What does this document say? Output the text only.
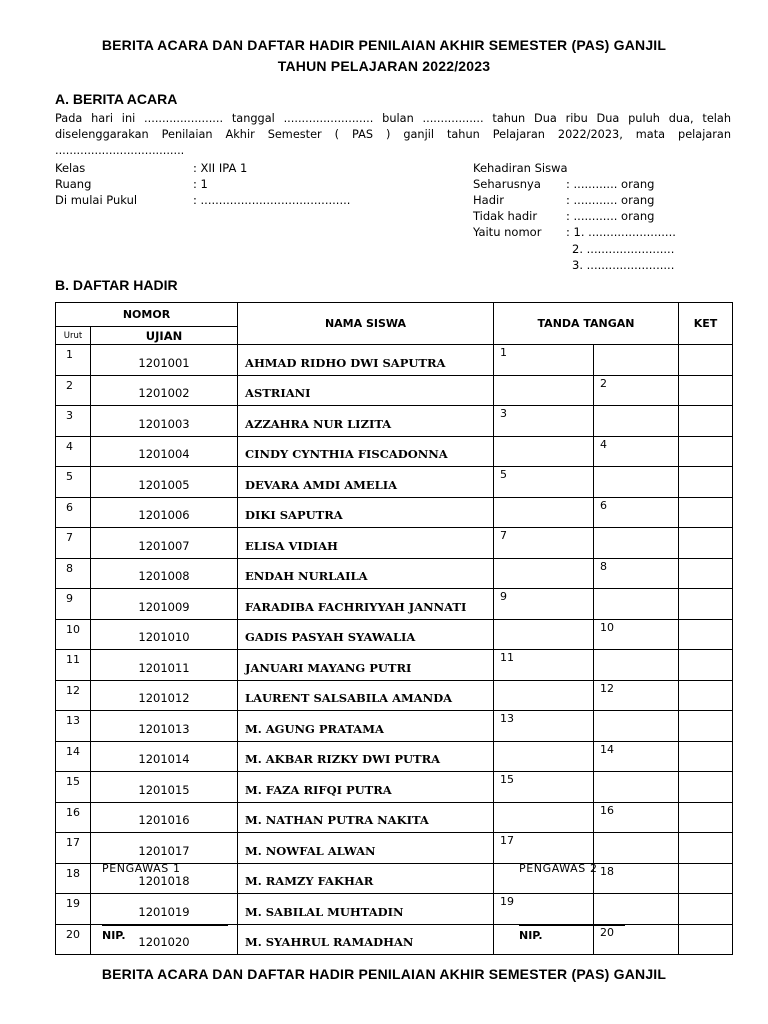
BERITA ACARA DAN DAFTAR HADIR PENILAIAN AKHIR SEMESTER (PAS) GANJIL
TAHUN PELAJARAN 2022/2023
A. BERITA ACARA
Pada hari ini ...................... tanggal ......................... bulan ................. tahun Dua ribu Dua puluh dua, telah diselenggarakan Penilaian Akhir Semester ( PAS ) ganjil tahun Pelajaran 2022/2023, mata pelajaran ....................................
Kelas	: XII IPA 1
Ruang	: 1
Di mulai Pukul	: .........................................
Kehadiran Siswa
Seharusnya : ............ orang
Hadir	: ............ orang
Tidak hadir	: ............ orang
Yaitu nomor : 1. ........................
2. ........................
3. ........................
B. DAFTAR HADIR
NOMOR		NAMA SISWA	TANDA TANGAN		KET
Urut	UJIAN				
1	1201001	AHMAD RIDHO DWI SAPUTRA	1		
2	1201002	ASTRIANI		2	
3	1201003	AZZAHRA NUR LIZITA	3		
4	1201004	CINDY CYNTHIA FISCADONNA		4	
5	1201005	DEVARA AMDI AMELIA	5		
6	1201006	DIKI SAPUTRA		6	
7	1201007	ELISA VIDIAH	7		
8	1201008	ENDAH NURLAILA		8	
9	1201009	FARADIBA FACHRIYYAH JANNATI	9		
10	1201010	GADIS PASYAH SYAWALIA		10	
11	1201011	JANUARI MAYANG PUTRI	11		
12	1201012	LAURENT SALSABILA AMANDA		12	
13	1201013	M. AGUNG PRATAMA	13		
14	1201014	M. AKBAR RIZKY DWI PUTRA		14	
15	1201015	M. FAZA RIFQI PUTRA	15		
16	1201016	M. NATHAN PUTRA NAKITA		16	
17	1201017	M. NOWFAL ALWAN	17		
18	1201018	M. RAMZY FAKHAR		18	
19	1201019	M. SABILAL MUHTADIN	19		
20	1201020	M. SYAHRUL RAMADHAN		20	
PENGAWAS 1	PENGAWAS 2
NIP.	NIP.
BERITA ACARA DAN DAFTAR HADIR PENILAIAN AKHIR SEMESTER (PAS) GANJIL
